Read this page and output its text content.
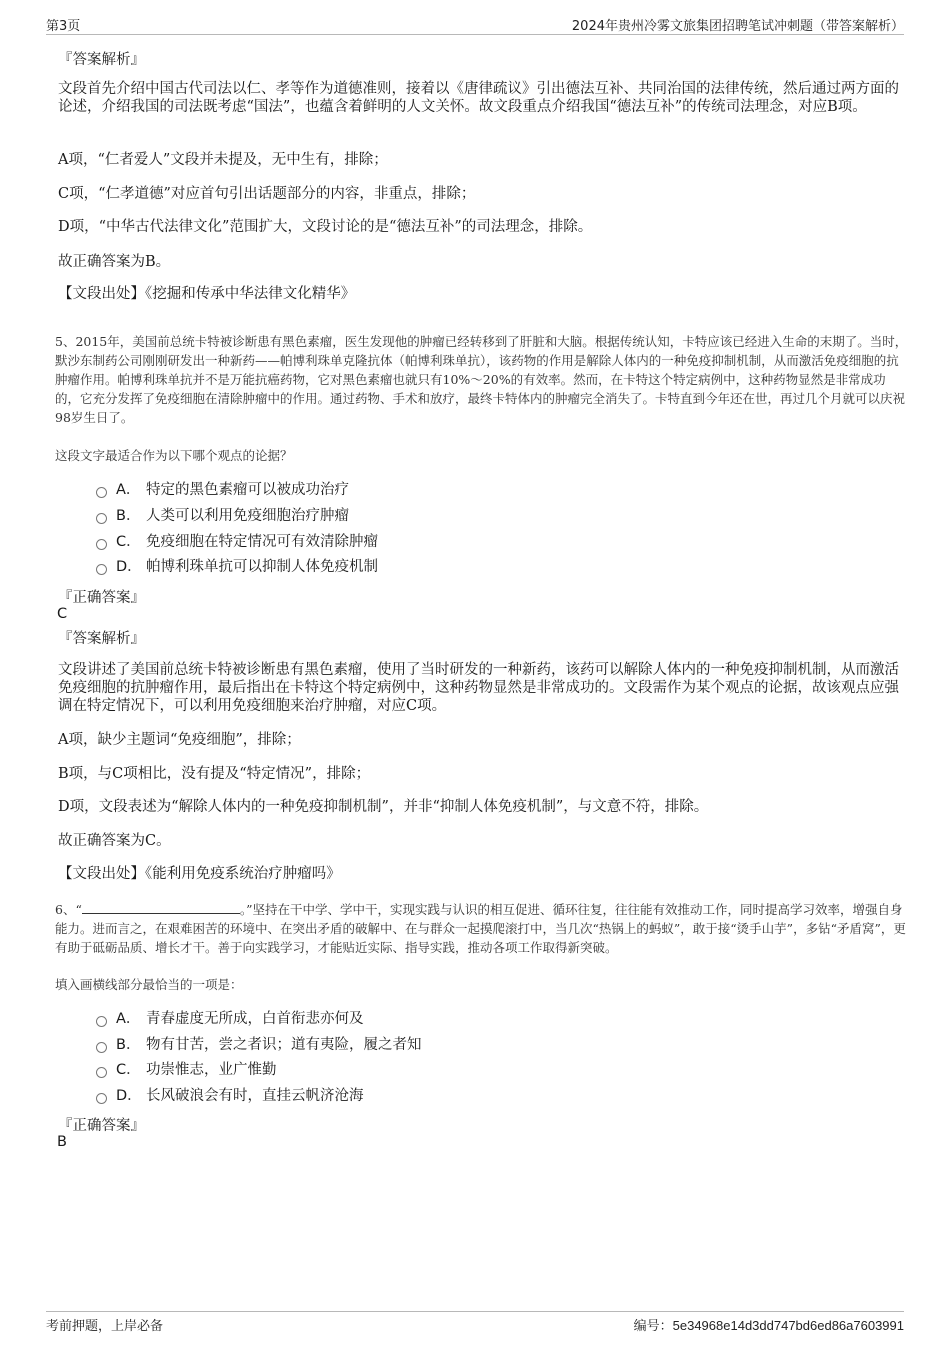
第3页	2024年贵州冷雾文旅集团招聘笔试冲刺题（带答案解析）
『答案解析』
文段首先介绍中国古代司法以仁、孝等作为道德准则，接着以《唐律疏议》引出德法互补、共同治国的法律传统，然后通过两方面的论述，介绍我国的司法既考虑“国法”，也蕴含着鲜明的人文关怀。故文段重点介绍我国“德法互补”的传统司法理念，对应B项。
A项，“仁者爱人”文段并未提及，无中生有，排除；
C项，“仁孝道德”对应首句引出话题部分的内容，非重点，排除；
D项，“中华古代法律文化”范围扩大，文段讨论的是“德法互补”的司法理念，排除。
故正确答案为B。
【文段出处】《挖掘和传承中华法律文化精华》
5、2015年，美国前总统卡特被诊断患有黑色素瘤，医生发现他的肿瘤已经转移到了肝脏和大脑。根据传统认知，卡特应该已经进入生命的末期了。当时，默沙东制药公司刚刚研发出一种新药——帕博利珠单克隆抗体（帕博利珠单抗），该药物的作用是解除人体内的一种免疫抑制机制，从而激活免疫细胞的抗肿瘤作用。帕博利珠单抗并不是万能抗癌药物，它对黑色素瘤也就只有10%～20%的有效率。然而，在卡特这个特定病例中，这种药物显然是非常成功的，它充分发挥了免疫细胞在清除肿瘤中的作用。通过药物、手术和放疗，最终卡特体内的肿瘤完全消失了。卡特直到今年还在世，再过几个月就可以庆祝98岁生日了。
这段文字最适合作为以下哪个观点的论据？
A． 特定的黑色素瘤可以被成功治疗
B． 人类可以利用免疫细胞治疗肿瘤
C． 免疫细胞在特定情况可有效清除肿瘤
D． 帕博利珠单抗可以抑制人体免疫机制
『正确答案』
C
『答案解析』
文段讲述了美国前总统卡特被诊断患有黑色素瘤，使用了当时研发的一种新药，该药可以解除人体内的一种免疫抑制机制，从而激活免疫细胞的抗肿瘤作用，最后指出在卡特这个特定病例中，这种药物显然是非常成功的。文段需作为某个观点的论据，故该观点应强调在特定情况下，可以利用免疫细胞来治疗肿瘤，对应C项。
A项，缺少主题词“免疫细胞”，排除；
B项，与C项相比，没有提及“特定情况”，排除；
D项，文段表述为“解除人体内的一种免疫抑制机制”，并非“抑制人体免疫机制”，与文意不符，排除。
故正确答案为C。
【文段出处】《能利用免疫系统治疗肿瘤吗》
6、“	。”坚持在干中学、学中干，实现实践与认识的相互促进、循环往复，往往能有效推动工作，同时提高学习效率，增强自身能力。进而言之，在艰难困苦的环境中、在突出矛盾的破解中、在与群众一起摸爬滚打中，当几次“热锅上的蚂蚁”，敢于接“烫手山芋”，多钻“矛盾窝”，更有助于砥砺品质、增长才干。善于向实践学习，才能贴近实际、指导实践，推动各项工作取得新突破。
填入画横线部分最恰当的一项是：
A． 青春虚度无所成，白首衔悲亦何及
B． 物有甘苦，尝之者识；道有夷险，履之者知
C． 功崇惟志，业广惟勤
D． 长风破浪会有时，直挂云帆济沧海
『正确答案』
B
考前押题，上岸必备	编号：5e34968e14d3dd747bd6ed86a7603991
